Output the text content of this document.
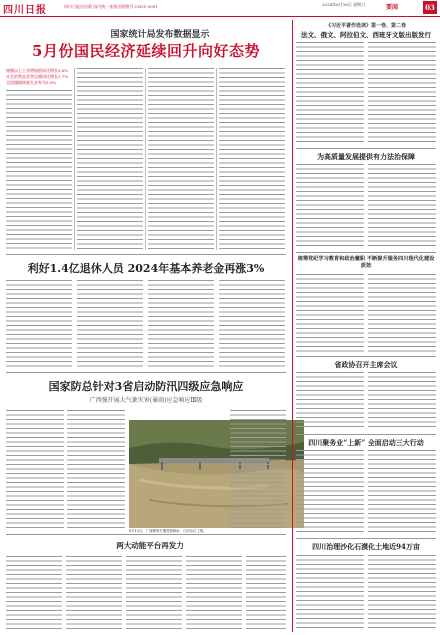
四川日报	四川日报社出版 国内统一连续出版物号 CN51-0001	2024年6月16日 星期日	要闻	03
国家统计局发布数据显示
5月份国民经济延续回升向好态势
规模以上工业增加值同比增长5.6%
社会消费品零售总额同比增长3.7%
全国城镇调查失业率为5.0%
利好1.4亿退休人员 2024年基本养老金再涨3%
国家防总针对3省启动防汛四级应急响应
广西强开展大气象灾害(暴雨)应急响应Ⅲ级
6月15日，广西柳州市遭受强降雨，江河水位上涨。
两大动能平台再发力
《习近平著作选读》第一卷、第二卷
法文、俄文、阿拉伯文、西班牙文版出版发行
为高质量发展提供有力法治保障
统筹党纪学习教育和政治履职 不断提升服务四川现代化建设质效
省政协召开主席会议
四川聚务业“上新” 全面启动三大行动
四川治理沙化石漠化土地近94万亩
